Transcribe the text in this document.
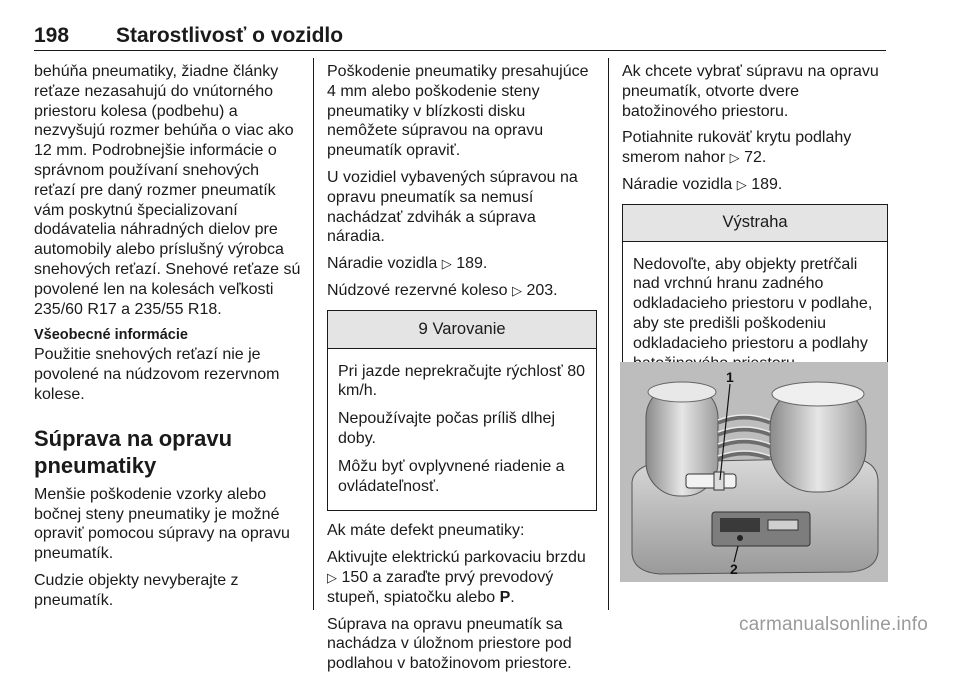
198 Starostlivosť o vozidlo

behúňa pneumatiky, žiadne články reťaze nezasahujú do vnútorného priestoru kolesa (podbehu) a nezvyšujú rozmer behúňa o viac ako 12 mm. Podrobnejšie informácie o správnom používaní snehových reťazí pre daný rozmer pneumatík vám poskytnú špecializovaní dodávatelia náhradných dielov pre automobily alebo príslušný výrobca snehových reťazí. Snehové reťaze sú povolené len na kolesách veľkosti 235/60 R17 a 235/55 R18.

Všeobecné informácie

Použitie snehových reťazí nie je povolené na núdzovom rezervnom kolese.

Súprava na opravu pneumatiky

Menšie poškodenie vzorky alebo bočnej steny pneumatiky je možné opraviť pomocou súpravy na opravu pneumatík.

Cudzie objekty nevyberajte z pneumatík.

Poškodenie pneumatiky presahujúce 4 mm alebo poškodenie steny pneumatiky v blízkosti disku nemôžete súpravou na opravu pneumatík opraviť.

U vozidiel vybavených súpravou na opravu pneumatík sa nemusí nachádzať zdvihák a súprava náradia.

Náradie vozidla ▷ 189.

Núdzové rezervné koleso ▷ 203.

9 Varovanie

Pri jazde neprekračujte rýchlosť 80 km/h.

Nepoužívajte počas príliš dlhej doby.

Môžu byť ovplyvnené riadenie a ovládateľnosť.

Ak máte defekt pneumatiky:

Aktivujte elektrickú parkovaciu brzdu ▷ 150 a zaraďte prvý prevodový stupeň, spiatočku alebo P.

Súprava na opravu pneumatík sa nachádza v úložnom priestore pod podlahou v batožinovom priestore.

Ak chcete vybrať súpravu na opravu pneumatík, otvorte dvere batožinového priestoru.

Potiahnite rukoväť krytu podlahy smerom nahor ▷ 72.

Náradie vozidla ▷ 189.

Výstraha

Nedovoľte, aby objekty pretŕčali nad vrchnú hranu zadného odkladacieho priestoru v podlahe, aby ste predišli poškodeniu odkladacieho priestoru a podlahy

1
2
carmanualsonline.info
